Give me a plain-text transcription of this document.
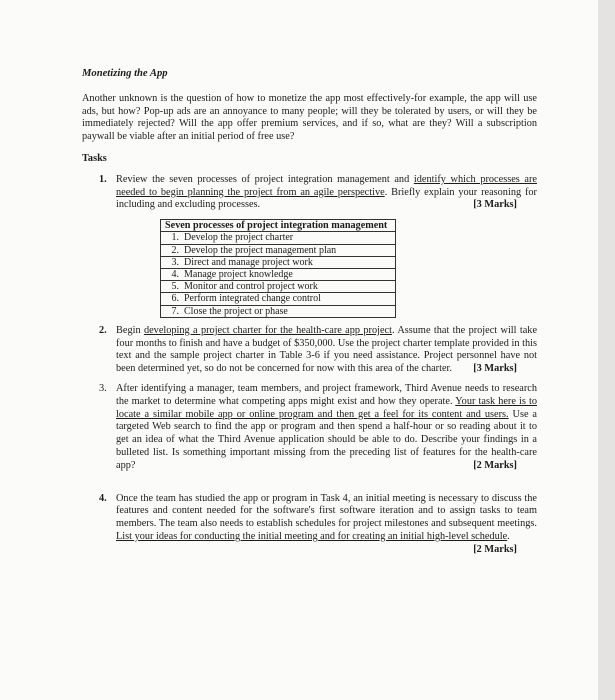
Monetizing the App
Another unknown is the question of how to monetize the app most effectively-for example, the app will use ads, but how? Pop-up ads are an annoyance to many people; will they be tolerated by users, or will they be immediately rejected? Will the app offer premium services, and if so, what are they? Will a subscription paywall be viable after an initial period of free use?
Tasks
1. Review the seven processes of project integration management and identify which processes are needed to begin planning the project from an agile perspective. Briefly explain your reasoning for including and excluding processes.	[3 Marks]
Seven processes of project integration management
1. Develop the project charter
2. Develop the project management plan
3. Direct and manage project work
4. Manage project knowledge
5. Monitor and control project work
6. Perform integrated change control
7. Close the project or phase
2. Begin developing a project charter for the health-care app project. Assume that the project will take four months to finish and have a budget of $350,000. Use the project charter template provided in this text and the sample project charter in Table 3-6 if you need assistance. Project personnel have not been determined yet, so do not be concerned for now with this area of the charter. [3 Marks]
3. After identifying a manager, team members, and project framework, Third Avenue needs to research the market to determine what competing apps might exist and how they operate. Your task here is to locate a similar mobile app or online program and then get a feel for its content and users. Use a targeted Web search to find the app or program and then spend a half-hour or so reading about it to get an idea of what the Third Avenue application should be able to do. Describe your findings in a bulleted list. Is something important missing from the preceding list of features for the health-care app?	[2 Marks]
4. Once the team has studied the app or program in Task 4, an initial meeting is necessary to discuss the features and content needed for the software's first software iteration and to assign tasks to team members. The team also needs to establish schedules for project milestones and subsequent meetings. List your ideas for conducting the initial meeting and for creating an initial high-level schedule.
[2 Marks]
